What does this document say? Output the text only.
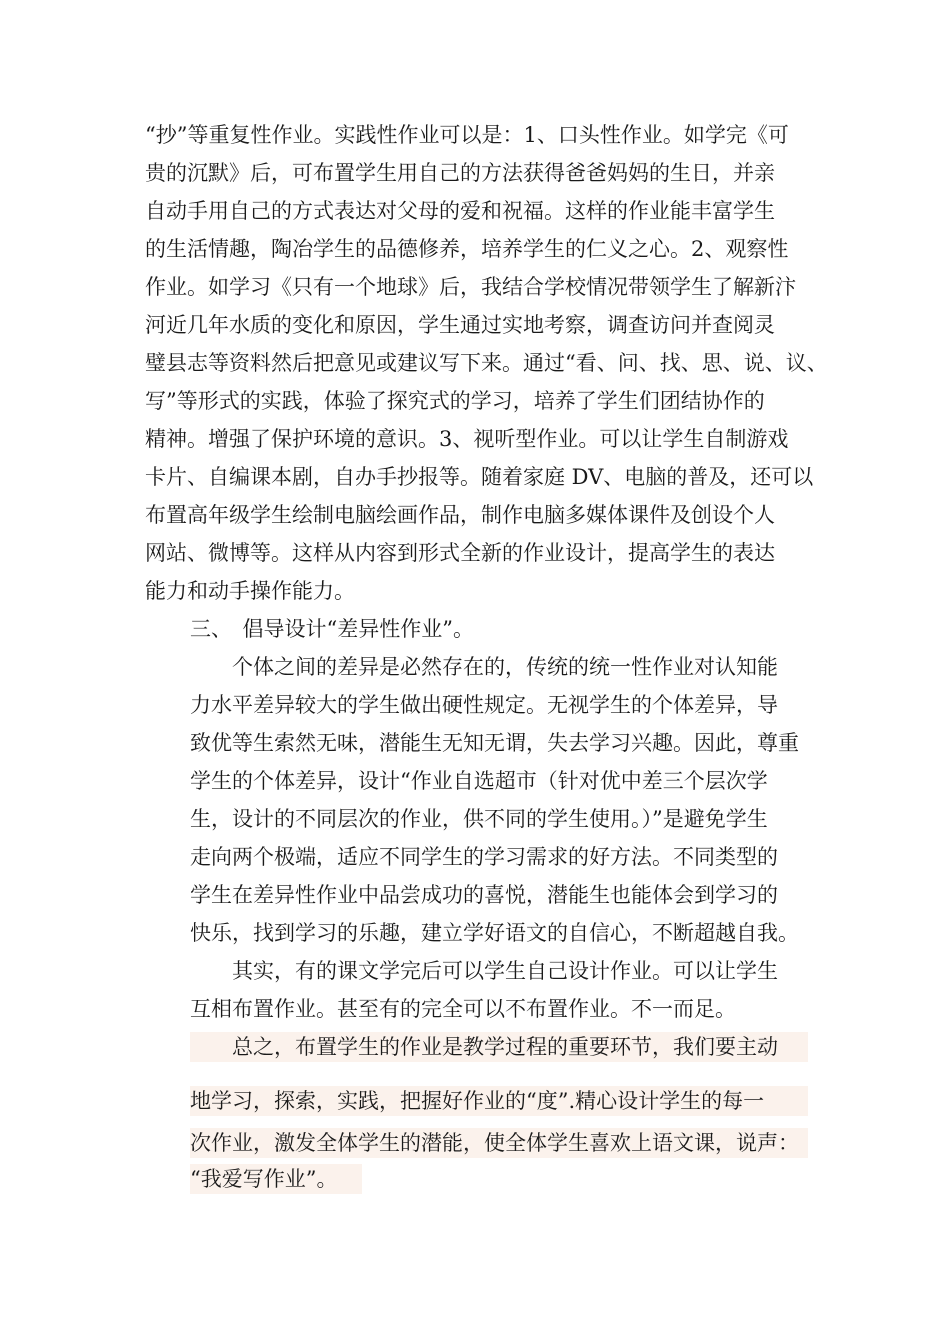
“抄”等重复性作业。实践性作业可以是：1、口头性作业。如学完《可
贵的沉默》后，可布置学生用自己的方法获得爸爸妈妈的生日，并亲
自动手用自己的方式表达对父母的爱和祝福。这样的作业能丰富学生
的生活情趣，陶冶学生的品德修养，培养学生的仁义之心。2、观察性
作业。如学习《只有一个地球》后，我结合学校情况带领学生了解新汴
河近几年水质的变化和原因，学生通过实地考察，调查访问并查阅灵
璧县志等资料然后把意见或建议写下来。通过“看、问、找、思、说、议、
写”等形式的实践，体验了探究式的学习，培养了学生们团结协作的
精神。增强了保护环境的意识。3、视听型作业。可以让学生自制游戏
卡片、自编课本剧，自办手抄报等。随着家庭 DV、电脑的普及，还可以
布置高年级学生绘制电脑绘画作品，制作电脑多媒体课件及创设个人
网站、微博等。这样从内容到形式全新的作业设计，提高学生的表达
能力和动手操作能力。
三、　倡导设计“差异性作业”。
　　个体之间的差异是必然存在的，传统的统一性作业对认知能
力水平差异较大的学生做出硬性规定。无视学生的个体差异，导
致优等生索然无味，潜能生无知无谓，失去学习兴趣。因此，尊重
学生的个体差异，设计“作业自选超市（针对优中差三个层次学
生，设计的不同层次的作业，供不同的学生使用。）”是避免学生
走向两个极端，适应不同学生的学习需求的好方法。不同类型的
学生在差异性作业中品尝成功的喜悦，潜能生也能体会到学习的
快乐，找到学习的乐趣，建立学好语文的自信心，不断超越自我。
　　其实，有的课文学完后可以学生自己设计作业。可以让学生
互相布置作业。甚至有的完全可以不布置作业。不一而足。
　　总之，布置学生的作业是教学过程的重要环节，我们要主动
地学习，探索，实践，把握好作业的“度”.精心设计学生的每一
次作业，激发全体学生的潜能，使全体学生喜欢上语文课，说声：
“我爱写作业”。
